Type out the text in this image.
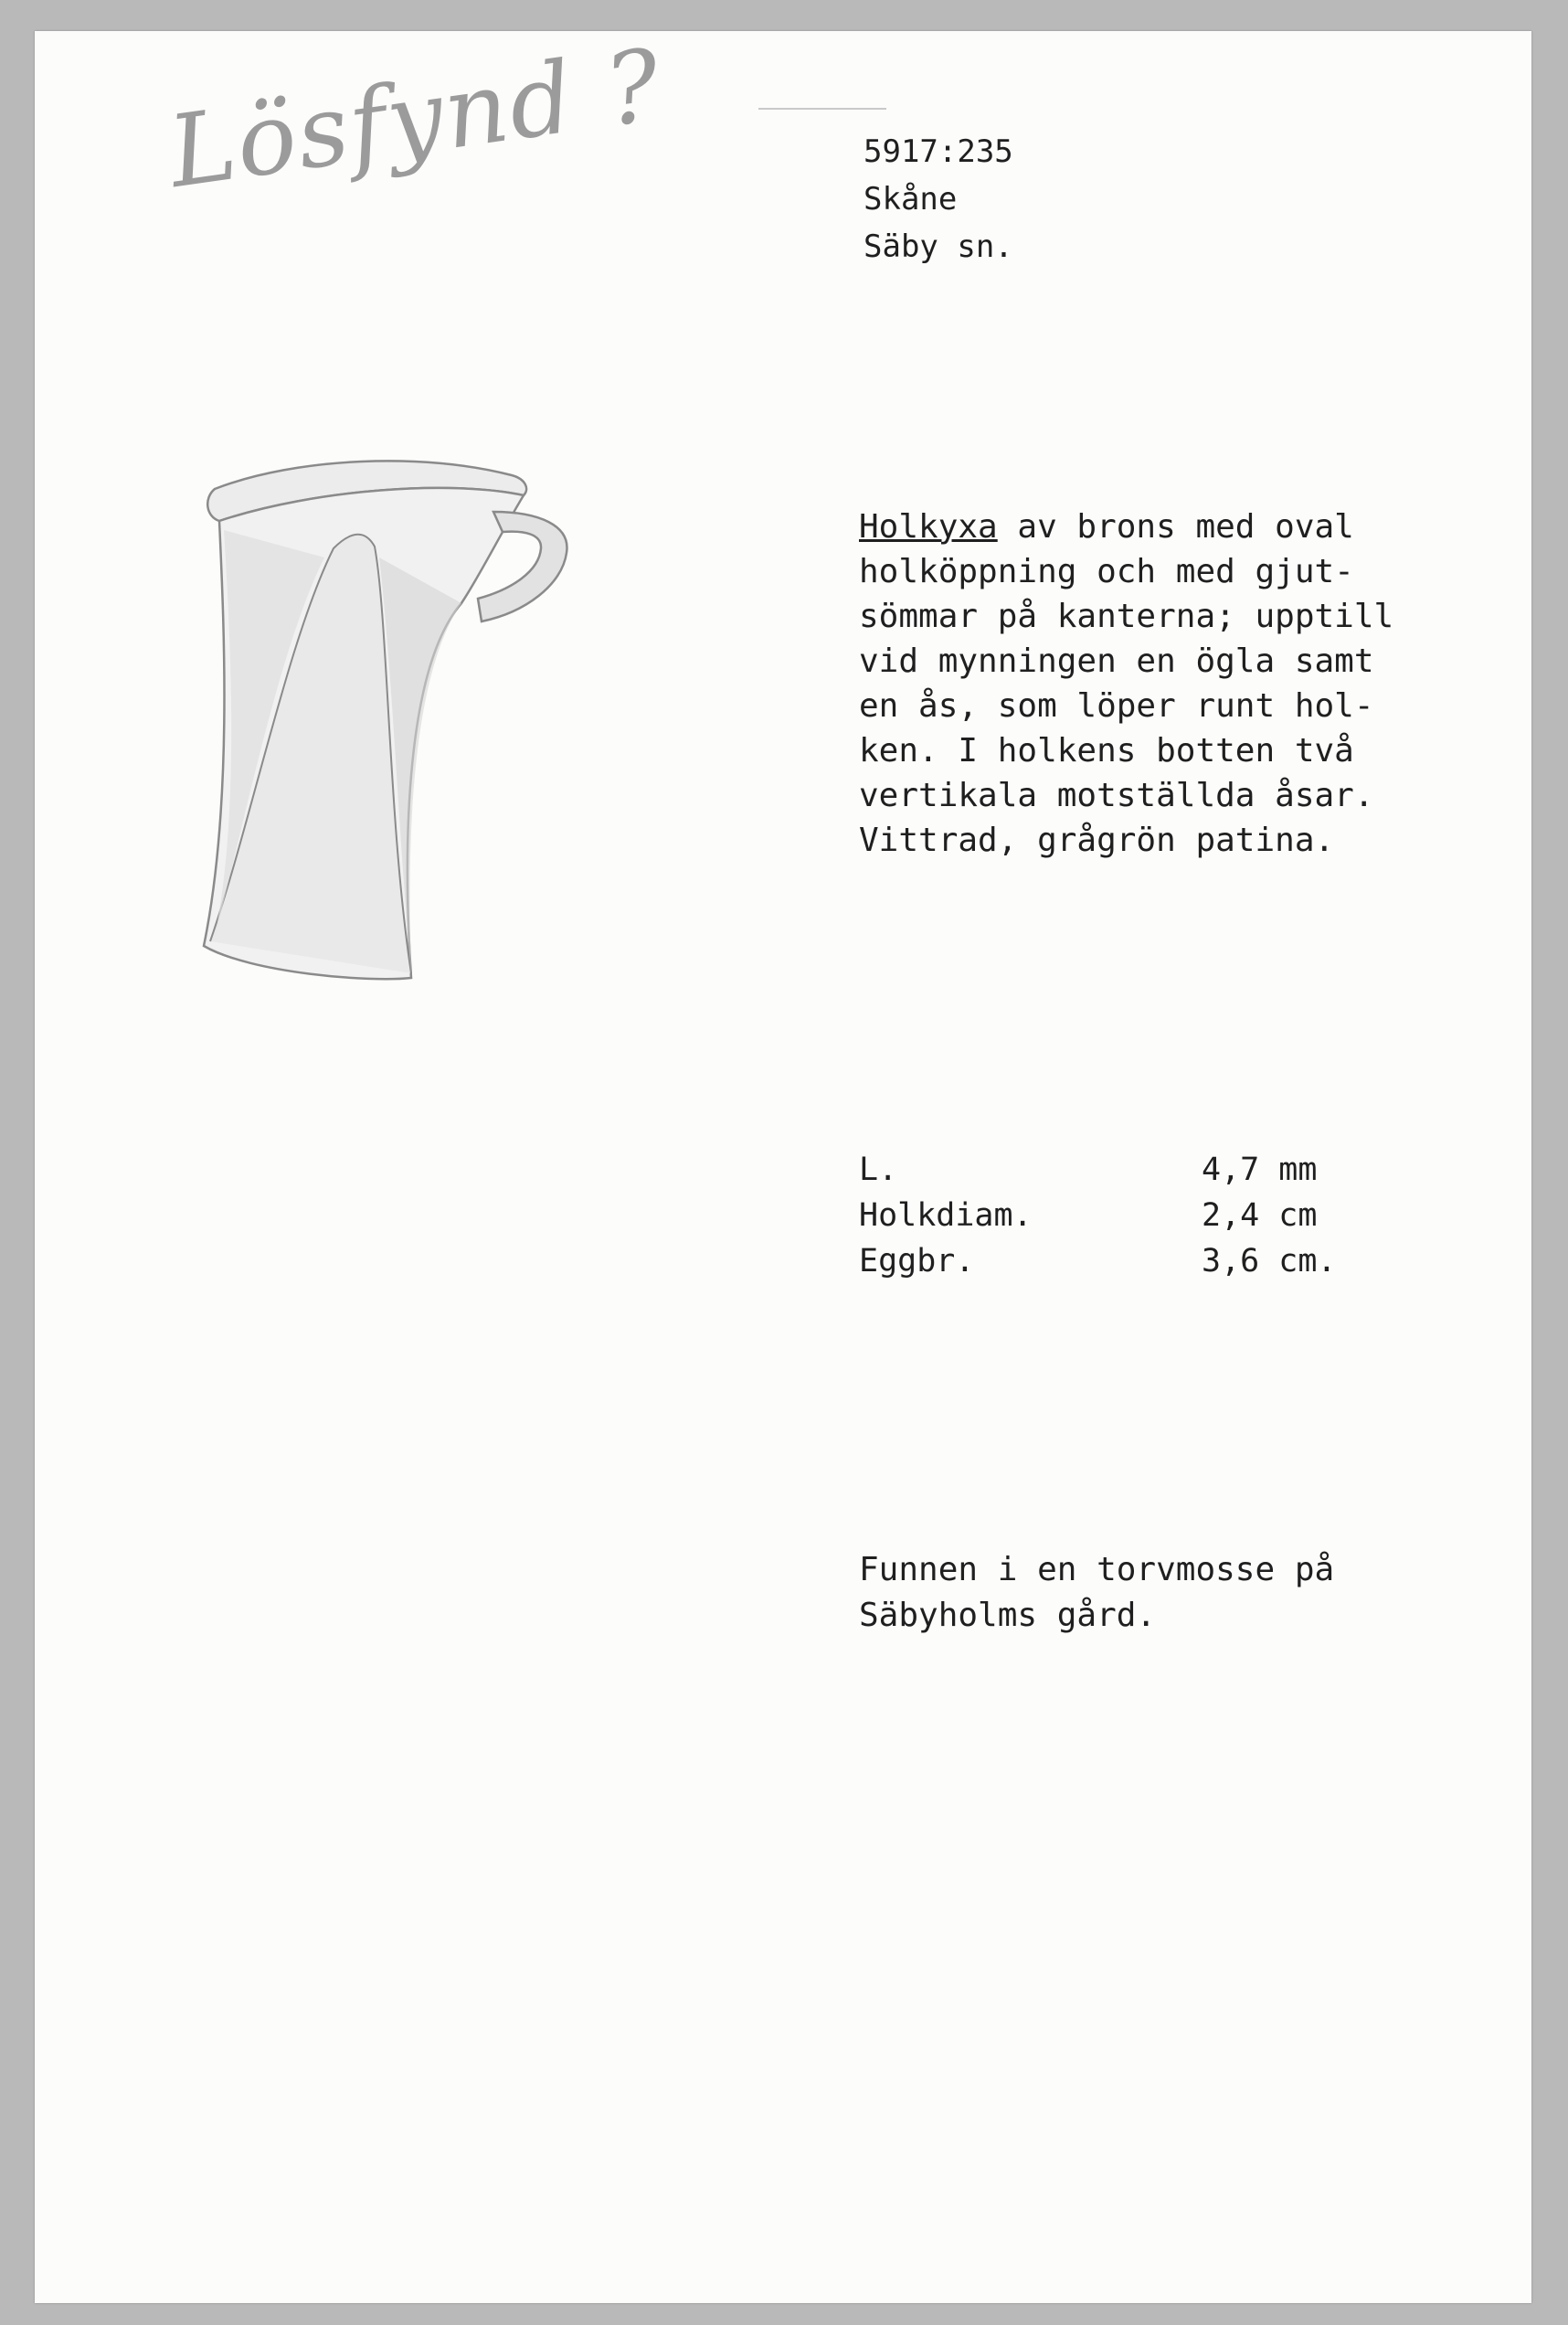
Lösfynd ?	5917:235
Skåne
Säby sn.
Holkyxa av brons med oval
holköppning och med gjut-
sömmar på kanterna; upptill
vid mynningen en ögla samt
en ås, som löper runt hol-
ken. I holkens botten två
vertikala motställda åsar.
Vittrad, grågrön patina.
L.	4,7 mm
Holkdiam.	2,4 cm
Eggbr.	3,6 cm.
Funnen i en torvmosse på
Säbyholms gård.
